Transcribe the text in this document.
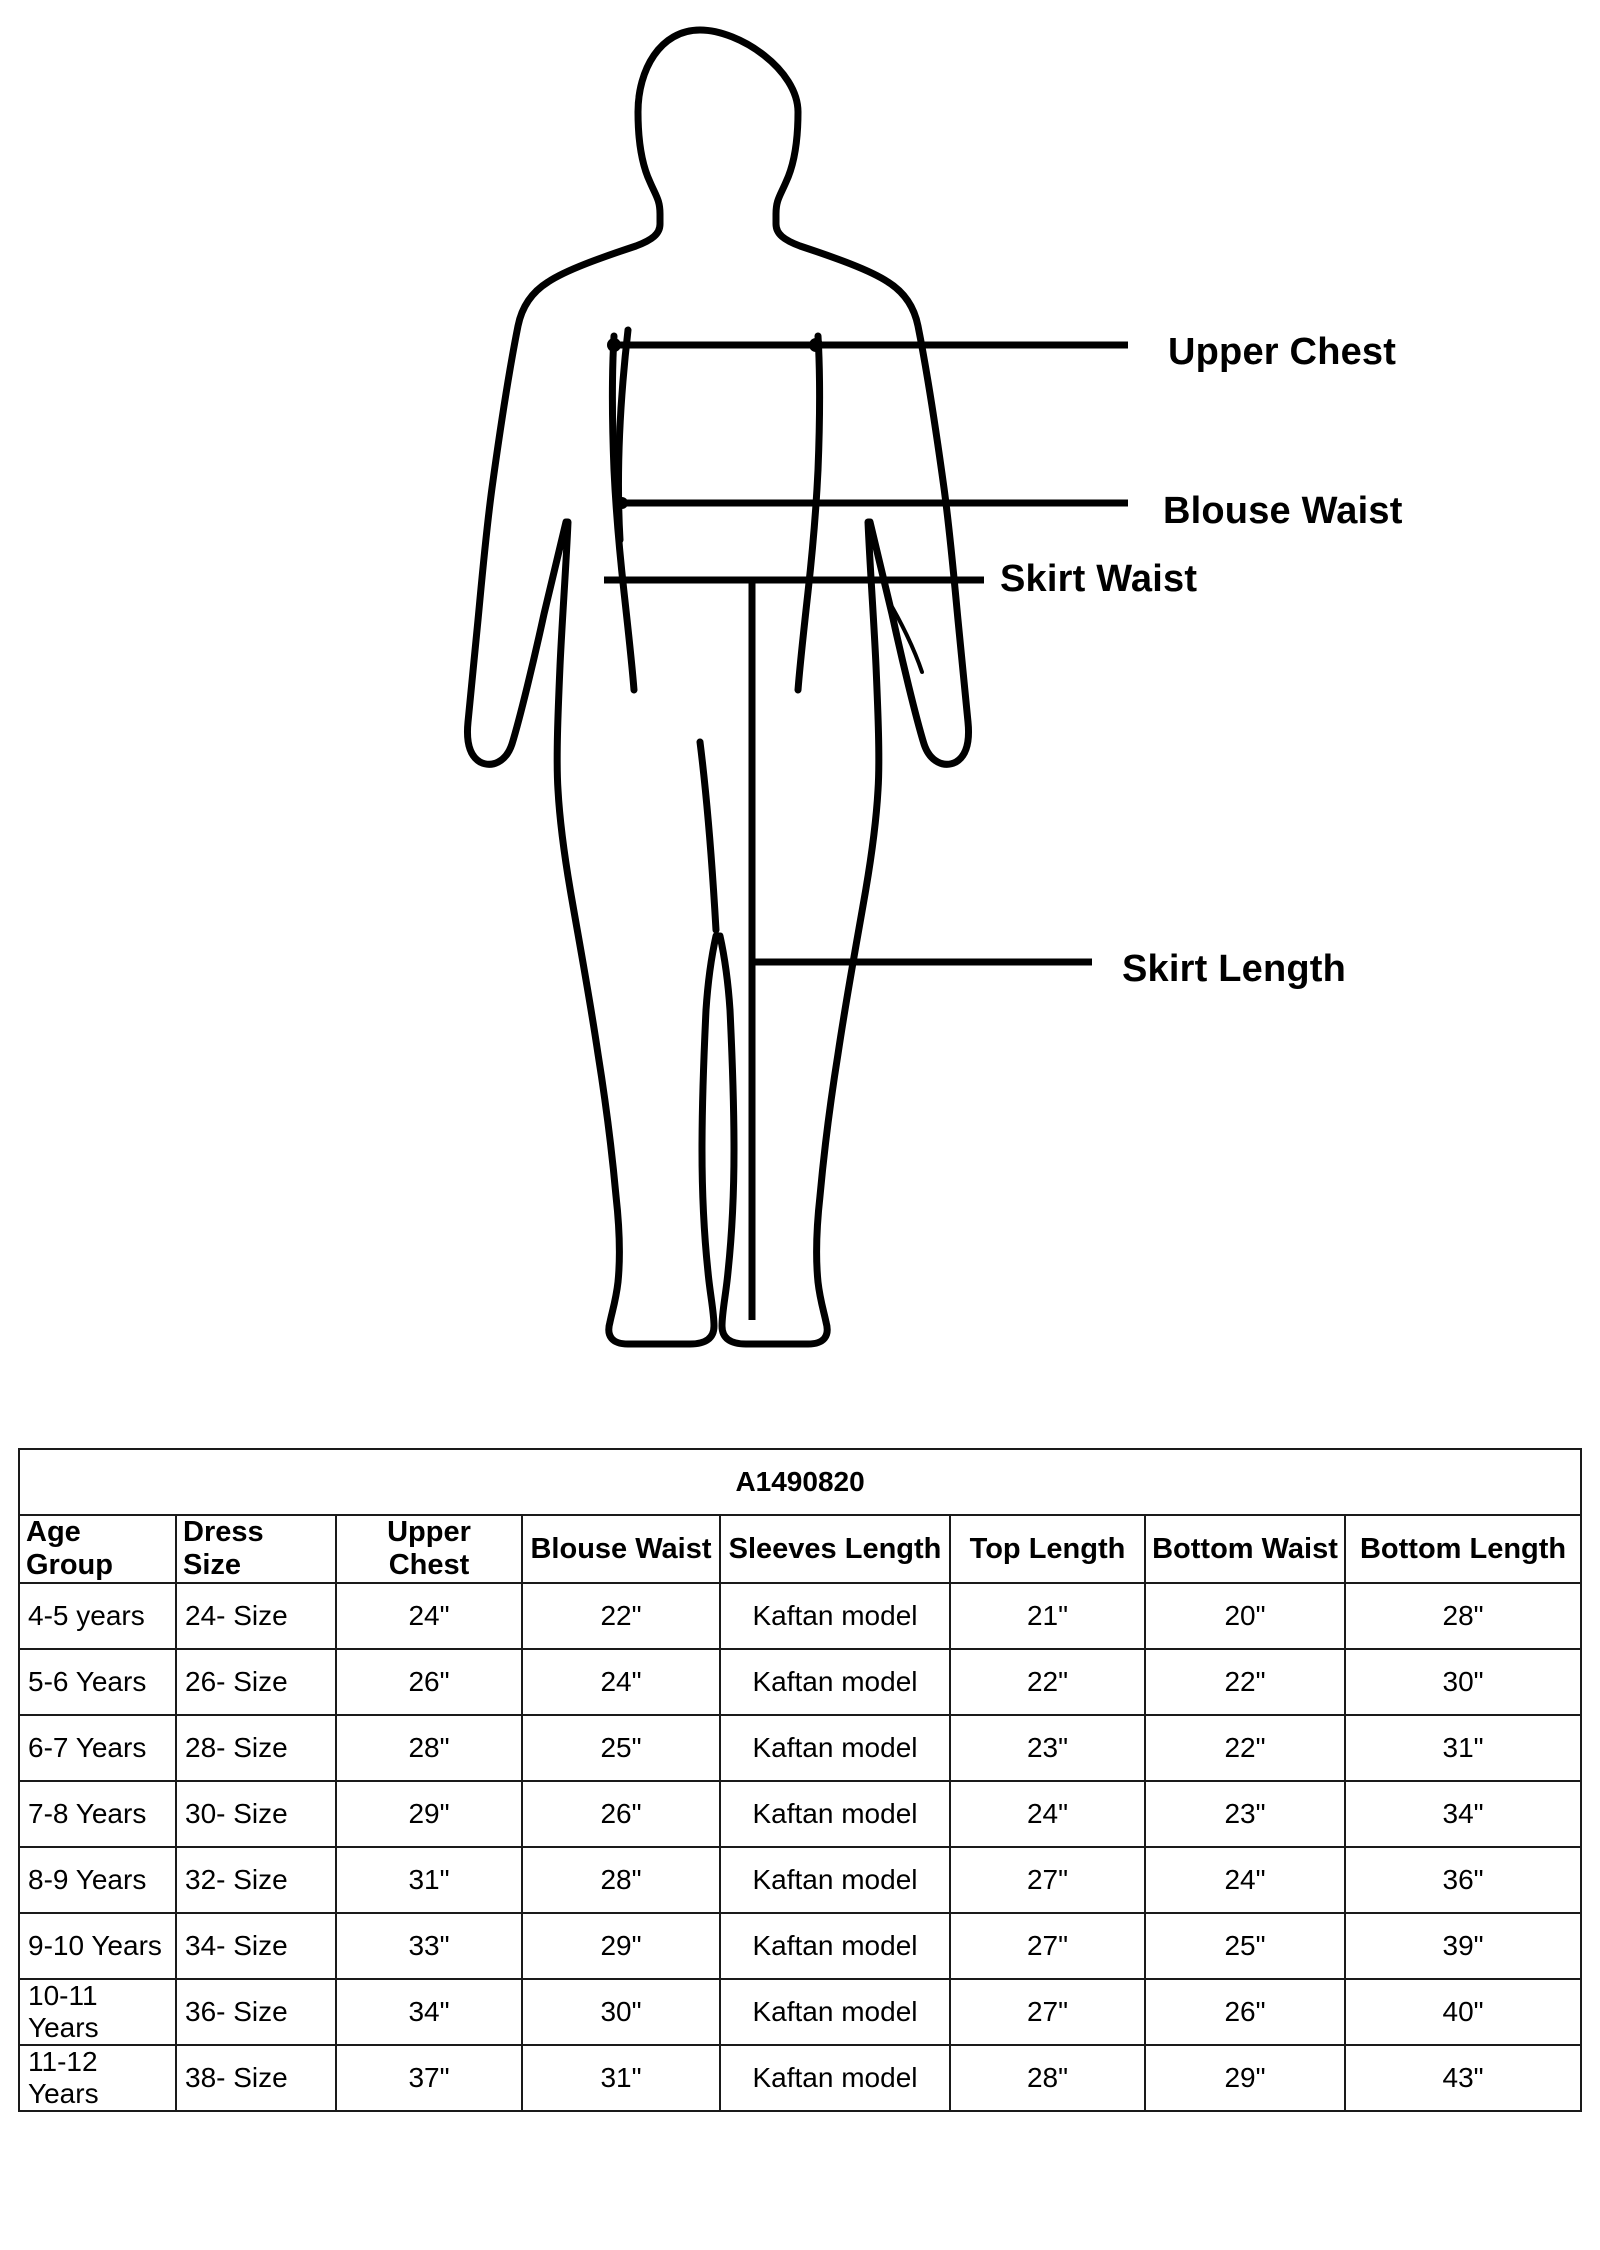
Upper Chest
Blouse Waist
Skirt Waist
Skirt Length
A1490820							
Age Group	Dress Size	Upper Chest	Blouse Waist	Sleeves Length	Top Length	Bottom Waist	Bottom Length
4-5 years	24- Size	24"	22"	Kaftan model	21"	20"	28"
5-6 Years	26- Size	26"	24"	Kaftan model	22"	22"	30"
6-7 Years	28- Size	28"	25"	Kaftan model	23"	22"	31"
7-8 Years	30- Size	29"	26"	Kaftan model	24"	23"	34"
8-9 Years	32- Size	31"	28"	Kaftan model	27"	24"	36"
9-10 Years	34- Size	33"	29"	Kaftan model	27"	25"	39"
10-11 Years	36- Size	34"	30"	Kaftan model	27"	26"	40"
11-12 Years	38- Size	37"	31"	Kaftan model	28"	29"	43"
